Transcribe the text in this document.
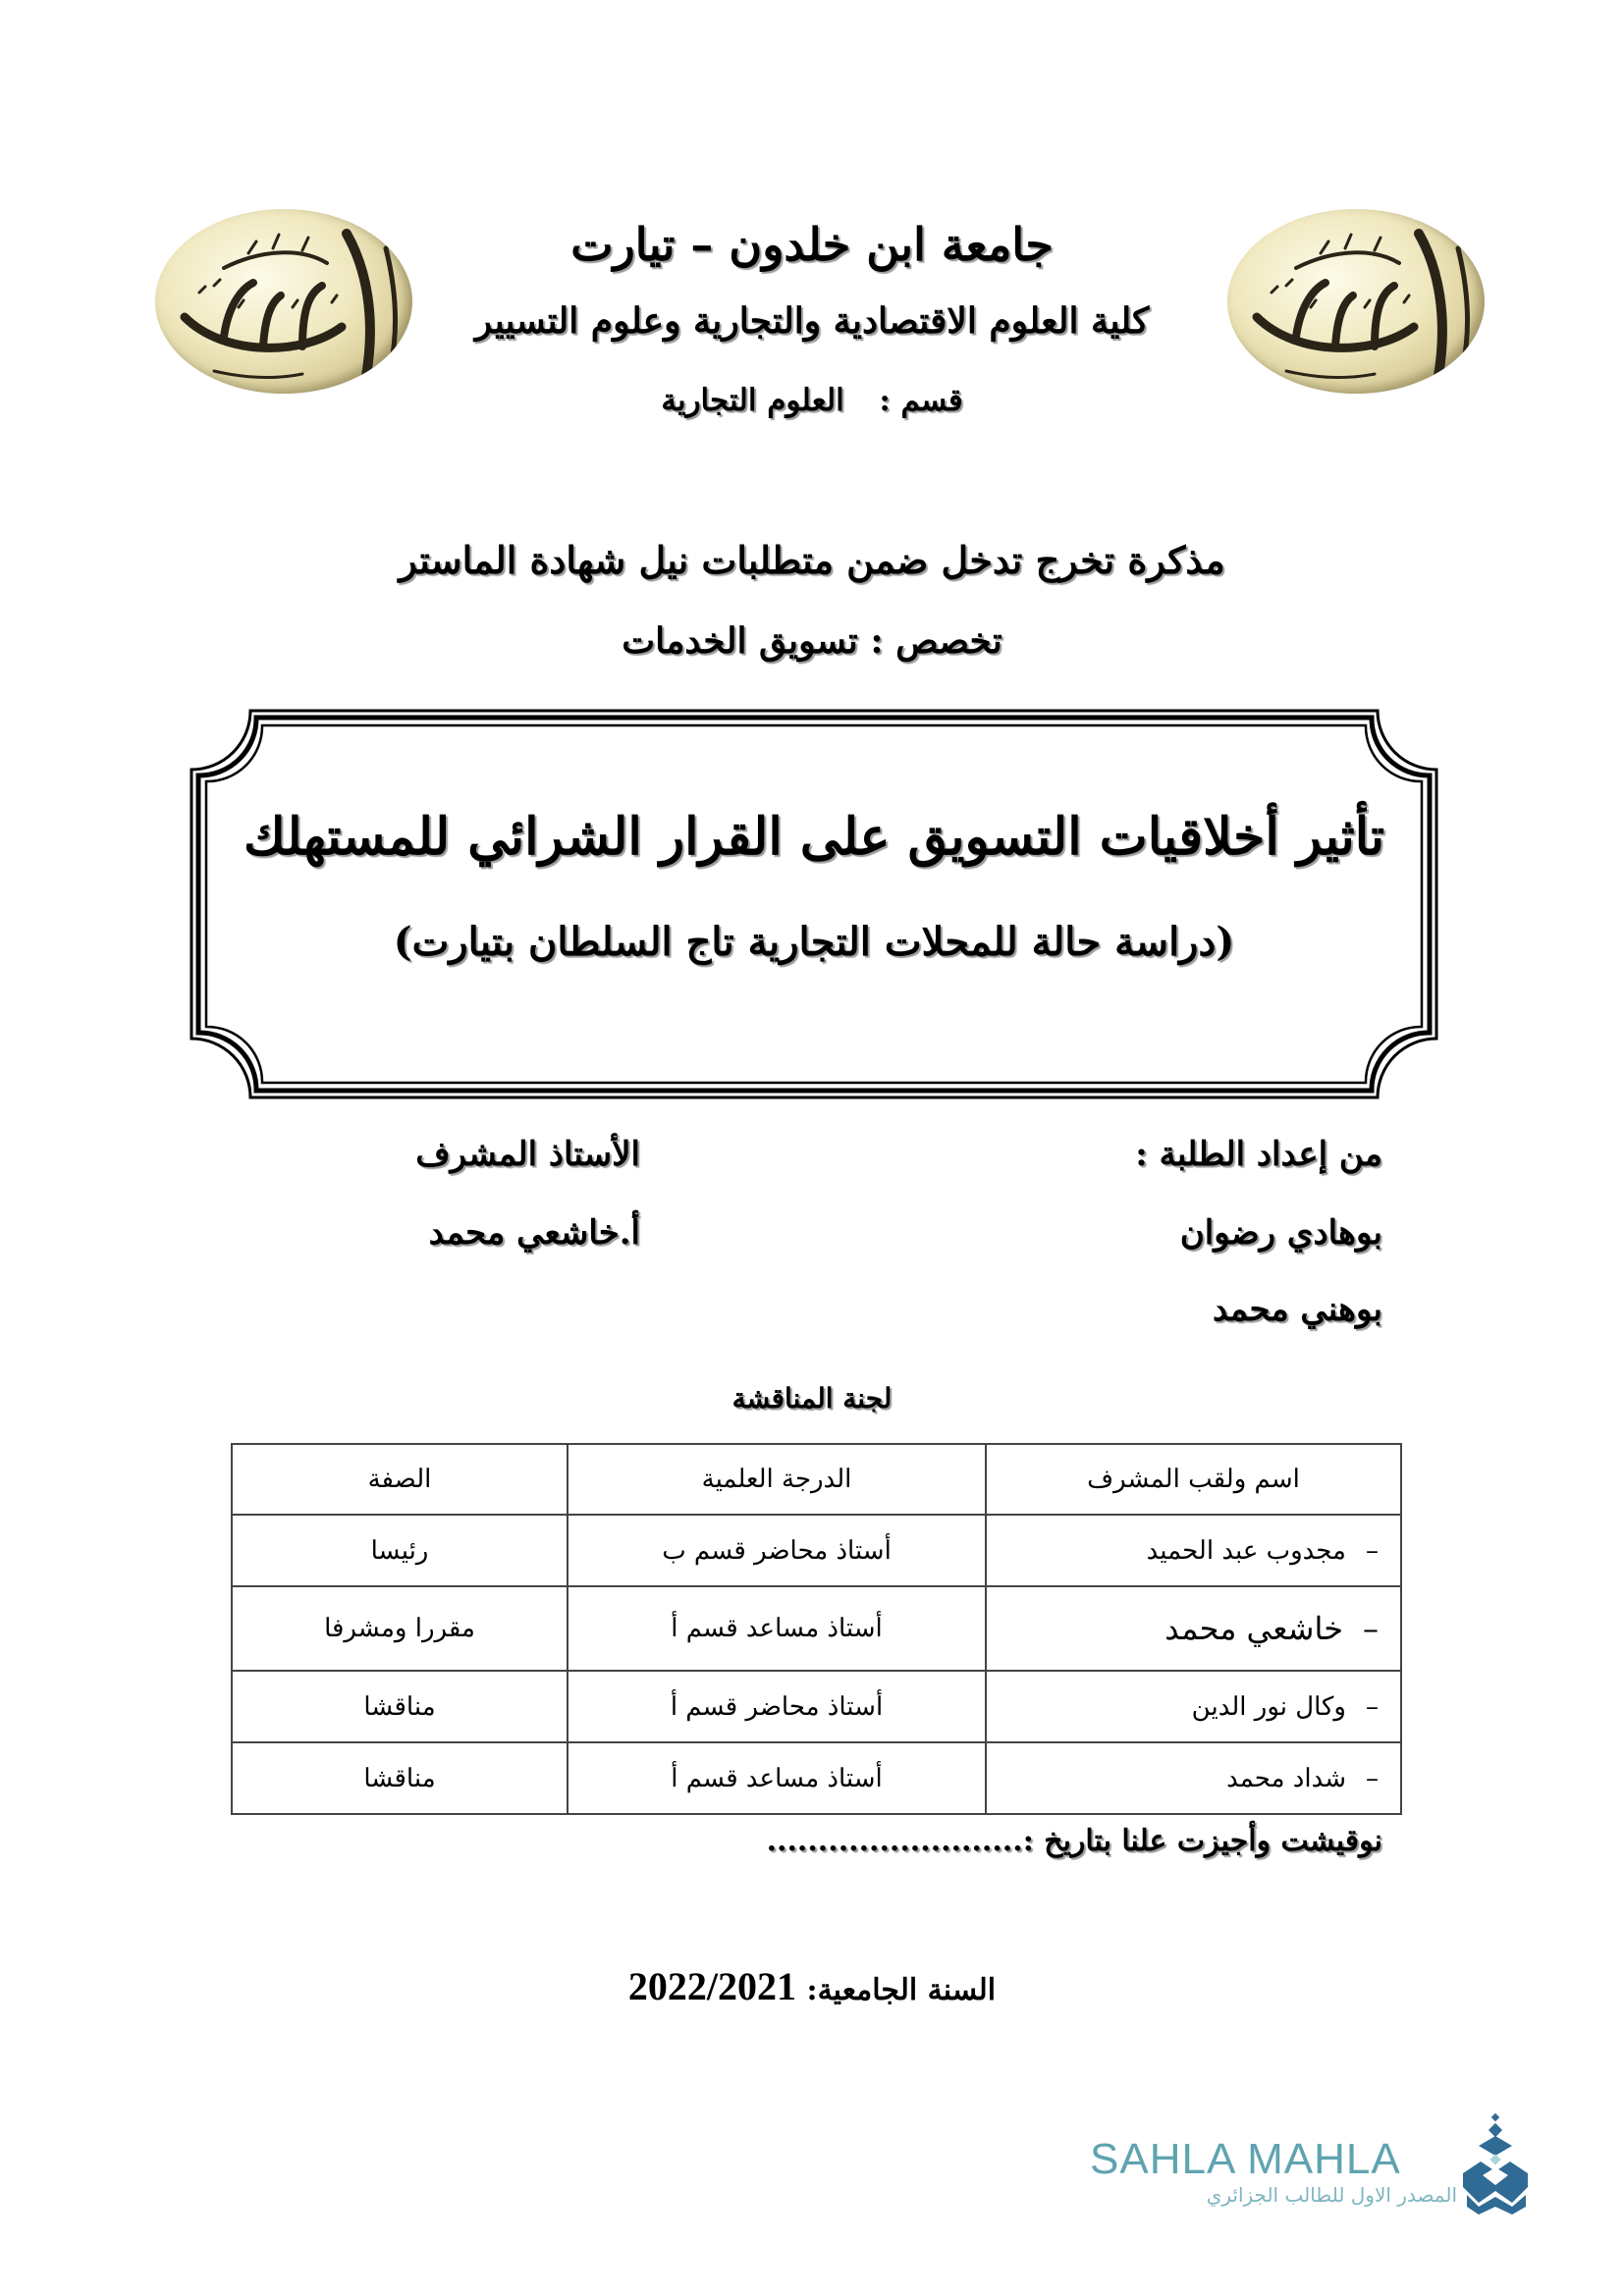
جامعة ابن خلدون – تيارت
كلية العلوم الاقتصادية والتجارية وعلوم التسيير
قسم :  العلوم التجارية
مذكرة تخرج تدخل ضمن متطلبات نيل شهادة الماستر
تخصص : تسويق الخدمات
تأثير أخلاقيات التسويق على القرار الشرائي للمستهلك
(دراسة حالة للمحلات التجارية تاج السلطان بتيارت)
من إعداد الطلبة :
بوهادي رضوان
بوهني محمد
الأستاذ المشرف
أ.خاشعي محمد
لجنة المناقشة
اسم ولقب المشرف	الدرجة العلمية	الصفة
–مجدوب عبد الحميد	أستاذ محاضر قسم ب	رئيسا
–خاشعي محمد	أستاذ مساعد قسم أ	مقررا ومشرفا
–وكال نور الدين	أستاذ محاضر قسم أ	مناقشا
–شداد محمد	أستاذ مساعد قسم أ	مناقشا
نوقيشت وأجيزت علنا بتاريخ :.........................
السنة الجامعية: 2022/2021
SAHLA MAHLA
المصدر الاول للطالب الجزائري
